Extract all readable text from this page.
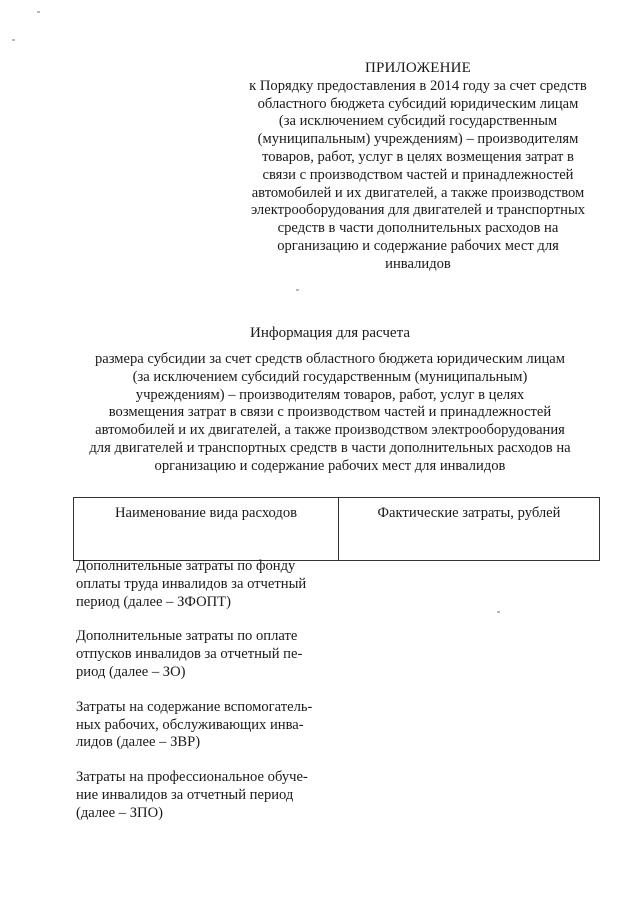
ПРИЛОЖЕНИЕ
к Порядку предоставления в 2014 году за счет средств
областного бюджета субсидий юридическим лицам
(за исключением субсидий государственным
(муниципальным) учреждениям) – производителям
товаров, работ, услуг в целях возмещения затрат в
связи с производством частей и принадлежностей
автомобилей и их двигателей, а также производством
электрооборудования для двигателей и транспортных
средств в части дополнительных расходов на
организацию и содержание рабочих мест для
инвалидов
Информация для расчета
размера субсидии за счет средств областного бюджета юридическим лицам
(за исключением субсидий государственным (муниципальным)
учреждениям) – производителям товаров, работ, услуг в целях
возмещения затрат в связи с производством частей и принадлежностей
автомобилей и их двигателей, а также производством электрооборудования
для двигателей и транспортных средств в части дополнительных расходов на
организацию и содержание рабочих мест для инвалидов
Наименование вида расходов	Фактические затраты, рублей

Дополнительные затраты по фонду
оплаты труда инвалидов за отчетный
период (далее – ЗФОПТ)

Дополнительные затраты по оплате
отпусков инвалидов за отчетный пе-
риод (далее – ЗО)

Затраты на содержание вспомогатель-
ных рабочих, обслуживающих инва-
лидов (далее – ЗВР)

Затраты на профессиональное обуче-
ние инвалидов за отчетный период
(далее – ЗПО)
